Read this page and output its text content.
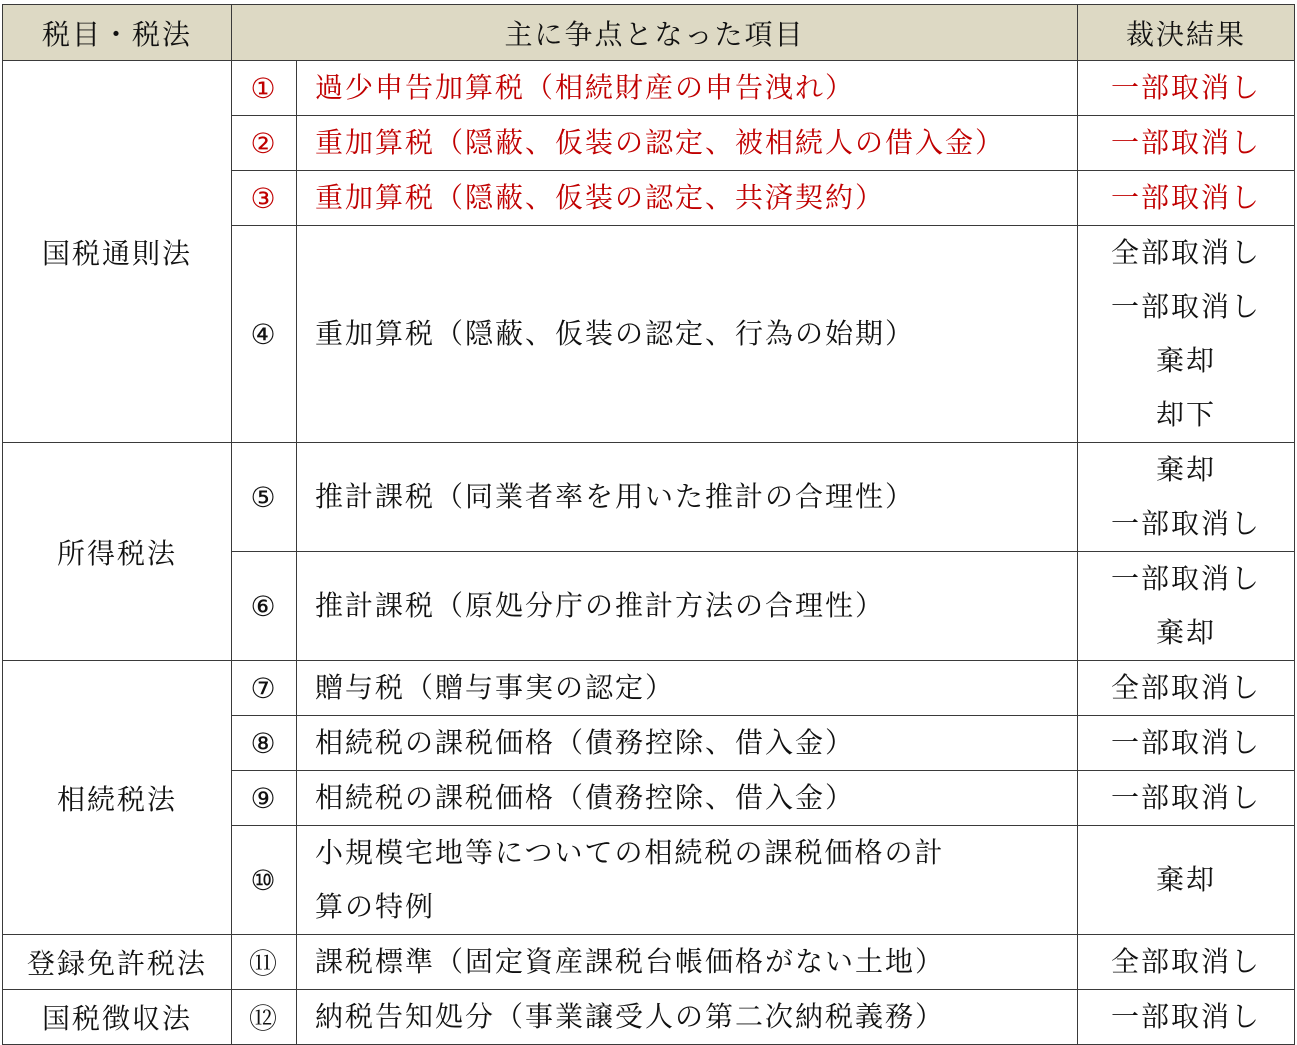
税目・税法	主に争点となった項目		裁決結果
国税通則法	①	過少申告加算税（相続財産の申告洩れ）	一部取消し
	②	重加算税（隠蔽、仮装の認定、被相続人の借入金）	一部取消し
	③	重加算税（隠蔽、仮装の認定、共済契約）	一部取消し
	④	重加算税（隠蔽、仮装の認定、行為の始期）	全部取消し
一部取消し
棄却
却下

所得税法	⑤	推計課税（同業者率を用いた推計の合理性）	棄却
一部取消し

	⑥	推計課税（原処分庁の推計方法の合理性）	一部取消し
棄却

相続税法	⑦	贈与税（贈与事実の認定）	全部取消し
	⑧	相続税の課税価格（債務控除、借入金）	一部取消し
	⑨	相続税の課税価格（債務控除、借入金）	一部取消し
	⑩	小規模宅地等についての相続税の課税価格の計
算の特例	棄却
登録免許税法	⑪	課税標準（固定資産課税台帳価格がない土地）	全部取消し
国税徴収法	⑫	納税告知処分（事業譲受人の第二次納税義務）	一部取消し
